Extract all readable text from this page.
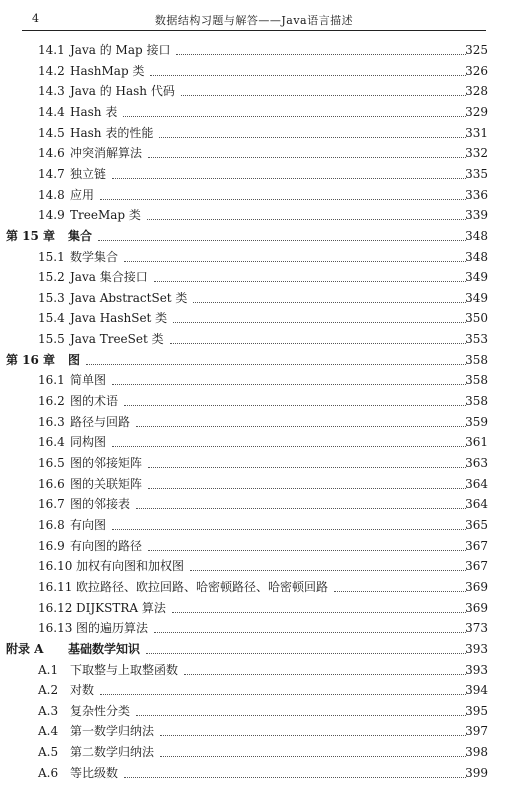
4	数据结构习题与解答——Java语言描述
14.1 Java 的 Map 接口	325
14.2 HashMap 类	326
14.3 Java 的 Hash 代码	328
14.4 Hash 表	329
14.5 Hash 表的性能	331
14.6 冲突消解算法	332
14.7 独立链	335
14.8 应用	336
14.9 TreeMap 类	339
第 15 章 集合	348
15.1 数学集合	348
15.2 Java 集合接口	349
15.3 Java AbstractSet 类	349
15.4 Java HashSet 类	350
15.5 Java TreeSet 类	353
第 16 章 图	358
16.1 简单图	358
16.2 图的术语	358
16.3 路径与回路	359
16.4 同构图	361
16.5 图的邻接矩阵	363
16.6 图的关联矩阵	364
16.7 图的邻接表	364
16.8 有向图	365
16.9 有向图的路径	367
16.10 加权有向图和加权图	367
16.11 欧拉路径、欧拉回路、哈密顿路径、哈密顿回路	369
16.12 DIJKSTRA 算法	369
16.13 图的遍历算法	373
附录 A 基础数学知识	393
A.1 下取整与上取整函数	393
A.2 对数	394
A.3 复杂性分类	395
A.4 第一数学归纳法	397
A.5 第二数学归纳法	398
A.6 等比级数	399
